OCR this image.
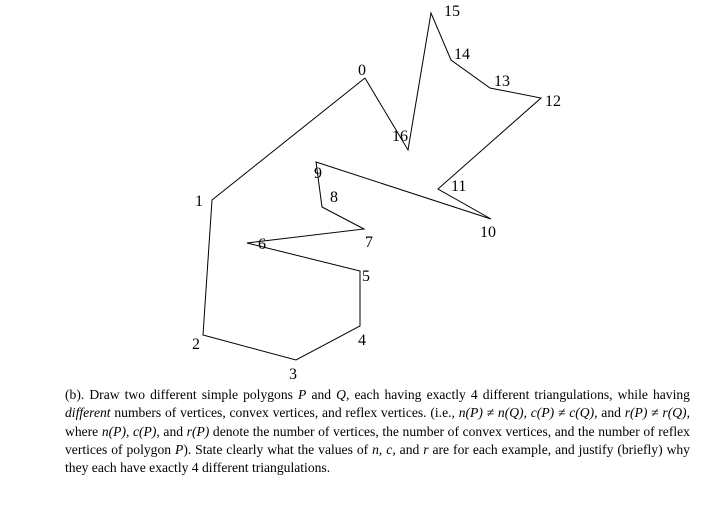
0
1
2
3
4
5
6	7
8
9
10
11
12
13
14
15
16

(b). Draw two different simple polygons P and Q, each having exactly 4 different triangulations, while having different numbers of vertices, convex vertices, and reflex vertices. (i.e., n(P) ≠ n(Q), c(P) ≠ c(Q), and r(P) ≠ r(Q), where n(P), c(P), and r(P) denote the number of vertices, the number of convex vertices, and the number of reflex vertices of polygon P). State clearly what the values of n, c, and r are for each example, and justify (briefly) why they each have exactly 4 different triangulations.
